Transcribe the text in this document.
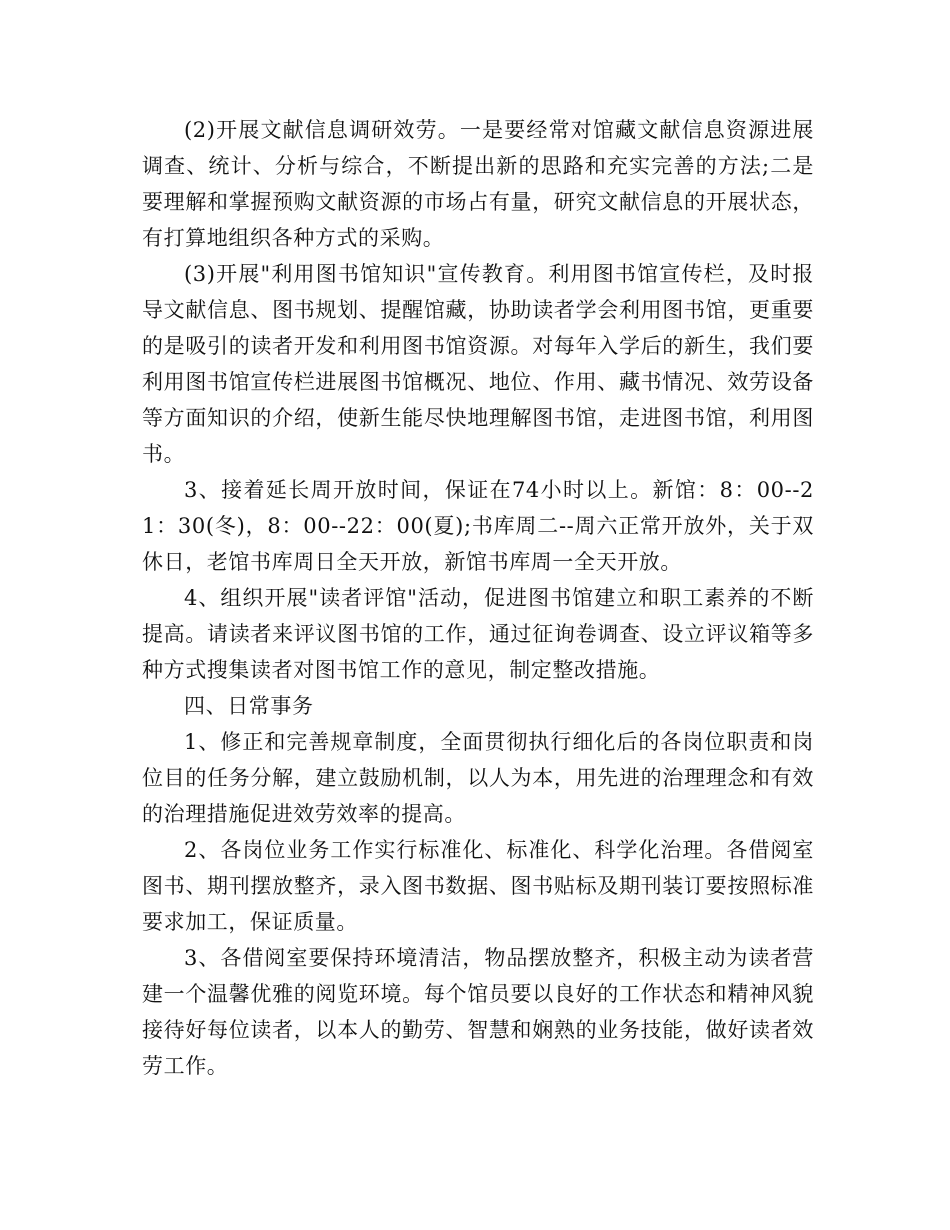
(2)开展文献信息调研效劳。一是要经常对馆藏文献信息资源进展调查、统计、分析与综合，不断提出新的思路和充实完善的方法;二是要理解和掌握预购文献资源的市场占有量，研究文献信息的开展状态，有打算地组织各种方式的采购。

(3)开展"利用图书馆知识"宣传教育。利用图书馆宣传栏，及时报导文献信息、图书规划、提醒馆藏，协助读者学会利用图书馆，更重要的是吸引的读者开发和利用图书馆资源。对每年入学后的新生，我们要利用图书馆宣传栏进展图书馆概况、地位、作用、藏书情况、效劳设备等方面知识的介绍，使新生能尽快地理解图书馆，走进图书馆，利用图书。

3、接着延长周开放时间，保证在74小时以上。新馆：8：00--21：30(冬)，8：00--22：00(夏);书库周二--周六正常开放外，关于双休日，老馆书库周日全天开放，新馆书库周一全天开放。

4、组织开展"读者评馆"活动，促进图书馆建立和职工素养的不断提高。请读者来评议图书馆的工作，通过征询卷调查、设立评议箱等多种方式搜集读者对图书馆工作的意见，制定整改措施。

四、日常事务

1、修正和完善规章制度，全面贯彻执行细化后的各岗位职责和岗位目的任务分解，建立鼓励机制，以人为本，用先进的治理理念和有效的治理措施促进效劳效率的提高。

2、各岗位业务工作实行标准化、标准化、科学化治理。各借阅室图书、期刊摆放整齐，录入图书数据、图书贴标及期刊装订要按照标准要求加工，保证质量。

3、各借阅室要保持环境清洁，物品摆放整齐，积极主动为读者营建一个温馨优雅的阅览环境。每个馆员要以良好的工作状态和精神风貌接待好每位读者，以本人的勤劳、智慧和娴熟的业务技能，做好读者效劳工作。
